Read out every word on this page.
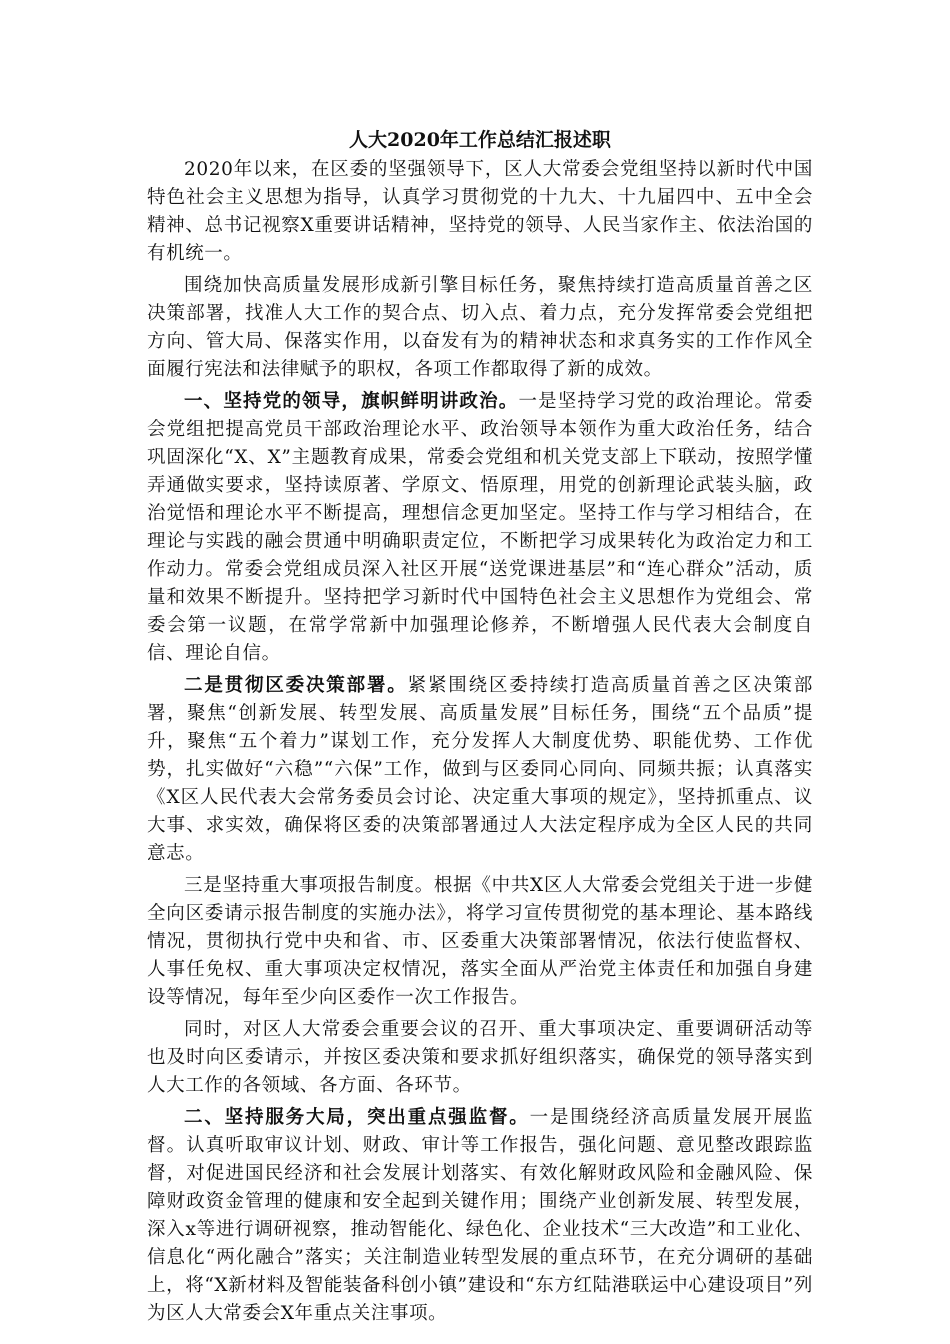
人大2020年工作总结汇报述职

2020年以来，在区委的坚强领导下，区人大常委会党组坚持以新时代中国特色社会主义思想为指导，认真学习贯彻党的十九大、十九届四中、五中全会精神、总书记视察X重要讲话精神，坚持党的领导、人民当家作主、依法治国的有机统一。

围绕加快高质量发展形成新引擎目标任务，聚焦持续打造高质量首善之区决策部署，找准人大工作的契合点、切入点、着力点，充分发挥常委会党组把方向、管大局、保落实作用，以奋发有为的精神状态和求真务实的工作作风全面履行宪法和法律赋予的职权，各项工作都取得了新的成效。

一、坚持党的领导，旗帜鲜明讲政治。一是坚持学习党的政治理论。常委会党组把提高党员干部政治理论水平、政治领导本领作为重大政治任务，结合巩固深化“X、X”主题教育成果，常委会党组和机关党支部上下联动，按照学懂弄通做实要求，坚持读原著、学原文、悟原理，用党的创新理论武装头脑，政治觉悟和理论水平不断提高，理想信念更加坚定。坚持工作与学习相结合，在理论与实践的融会贯通中明确职责定位，不断把学习成果转化为政治定力和工作动力。常委会党组成员深入社区开展“送党课进基层”和“连心群众”活动，质量和效果不断提升。坚持把学习新时代中国特色社会主义思想作为党组会、常委会第一议题，在常学常新中加强理论修养，不断增强人民代表大会制度自信、理论自信。

二是贯彻区委决策部署。紧紧围绕区委持续打造高质量首善之区决策部署，聚焦“创新发展、转型发展、高质量发展”目标任务，围绕“五个品质”提升，聚焦“五个着力”谋划工作，充分发挥人大制度优势、职能优势、工作优势，扎实做好“六稳”“六保”工作，做到与区委同心同向、同频共振；认真落实《X区人民代表大会常务委员会讨论、决定重大事项的规定》，坚持抓重点、议大事、求实效，确保将区委的决策部署通过人大法定程序成为全区人民的共同意志。

三是坚持重大事项报告制度。根据《中共X区人大常委会党组关于进一步健全向区委请示报告制度的实施办法》，将学习宣传贯彻党的基本理论、基本路线情况，贯彻执行党中央和省、市、区委重大决策部署情况，依法行使监督权、人事任免权、重大事项决定权情况，落实全面从严治党主体责任和加强自身建设等情况，每年至少向区委作一次工作报告。

同时，对区人大常委会重要会议的召开、重大事项决定、重要调研活动等也及时向区委请示，并按区委决策和要求抓好组织落实，确保党的领导落实到人大工作的各领域、各方面、各环节。

二、坚持服务大局，突出重点强监督。一是围绕经济高质量发展开展监督。认真听取审议计划、财政、审计等工作报告，强化问题、意见整改跟踪监督，对促进国民经济和社会发展计划落实、有效化解财政风险和金融风险、保障财政资金管理的健康和安全起到关键作用；围绕产业创新发展、转型发展，深入x等进行调研视察，推动智能化、绿色化、企业技术“三大改造”和工业化、信息化“两化融合”落实；关注制造业转型发展的重点环节，在充分调研的基础上，将“X新材料及智能装备科创小镇”建设和“东方红陆港联运中心建设项目”列为区人大常委会X年重点关注事项。
